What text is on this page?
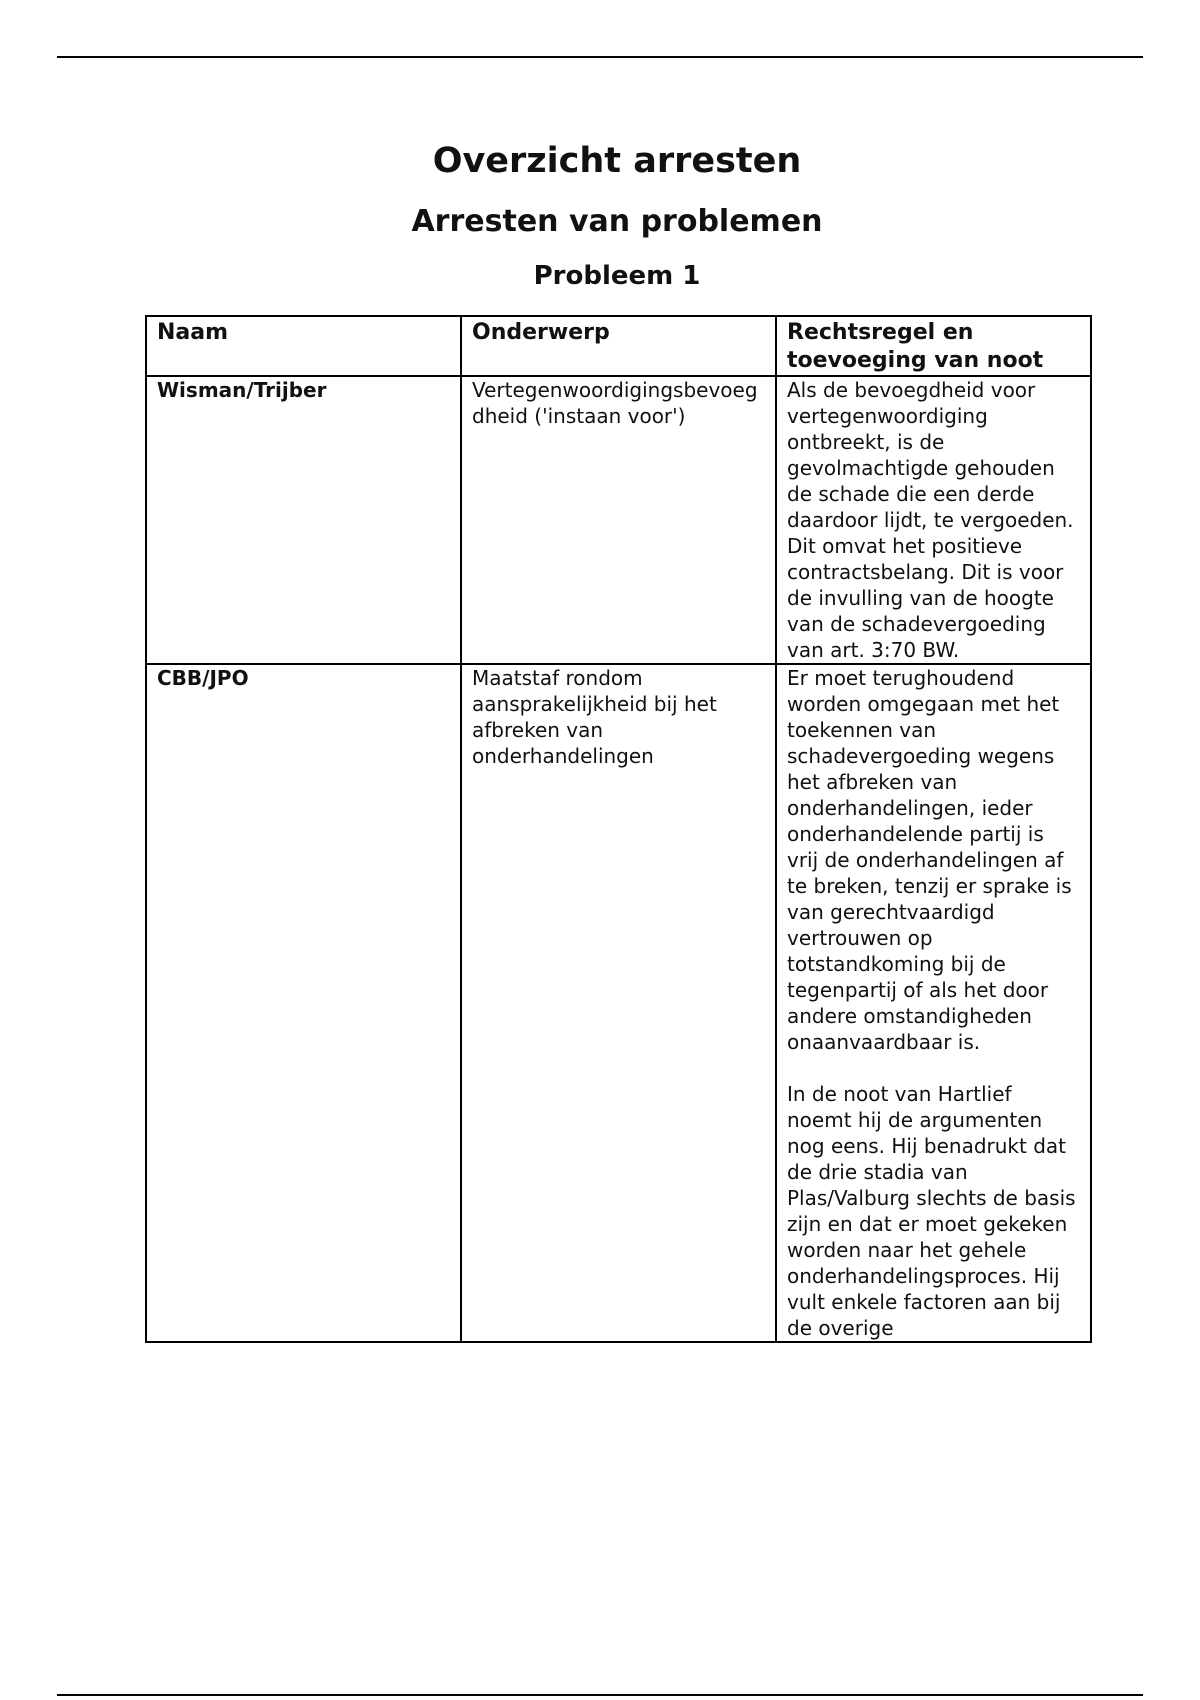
Overzicht arresten
Arresten van problemen
Probleem 1
Naam	Onderwerp	Rechtsregel en toevoeging van noot
Wisman/Trijber	Vertegenwoordigingsbevoegdheid ('instaan voor')	Als de bevoegdheid voor vertegenwoordiging ontbreekt, is de gevolmachtigde gehouden de schade die een derde daardoor lijdt, te vergoeden. Dit omvat het positieve contractsbelang. Dit is voor de invulling van de hoogte van de schadevergoeding van art. 3:70 BW.

CBB/JPO	Maatstaf rondom aansprakelijkheid bij het afbreken van onderhandelingen	Er moet terughoudend worden omgegaan met het toekennen van schadevergoeding wegens het afbreken van onderhandelingen, ieder onderhandelende partij is vrij de onderhandelingen af te breken, tenzij er sprake is van gerechtvaardigd vertrouwen op totstandkoming bij de tegenpartij of als het door andere omstandigheden onaanvaardbaar is.

In de noot van Hartlief noemt hij de argumenten nog eens. Hij benadrukt dat de drie stadia van Plas/Valburg slechts de basis zijn en dat er moet gekeken worden naar het gehele onderhandelingsproces. Hij vult enkele factoren aan bij de overige
